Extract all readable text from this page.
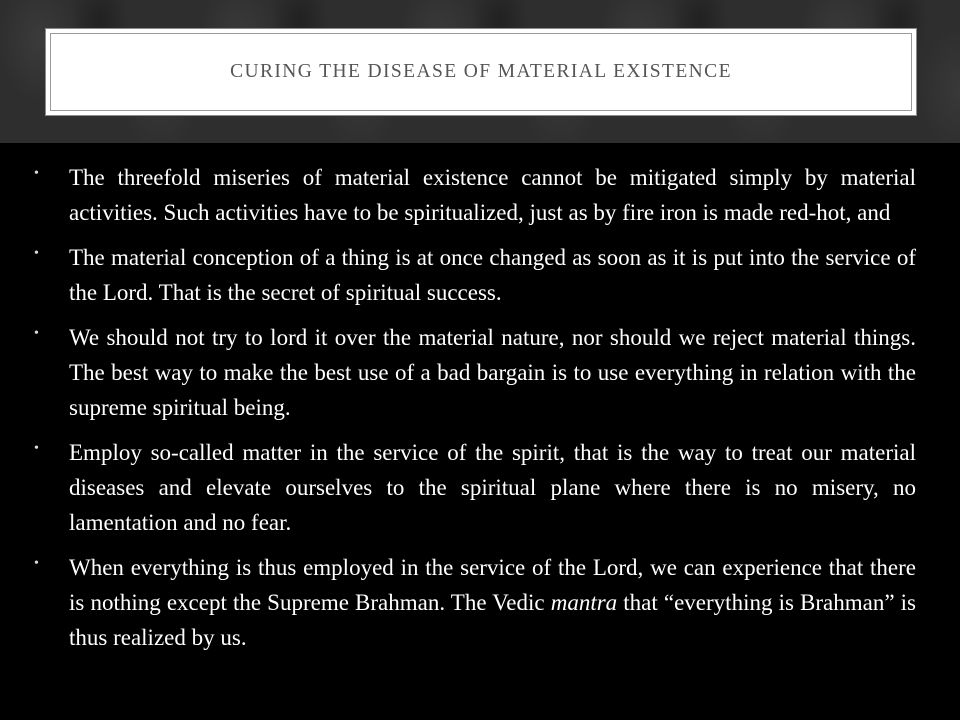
CURING THE DISEASE OF MATERIAL EXISTENCE
• The threefold miseries of material existence cannot be mitigated simply by material activities. Such activities have to be spiritualized, just as by fire iron is made red-hot, and
• The material conception of a thing is at once changed as soon as it is put into the service of the Lord. That is the secret of spiritual success.
• We should not try to lord it over the material nature, nor should we reject material things. The best way to make the best use of a bad bargain is to use everything in relation with the supreme spiritual being.
• Employ so-called matter in the service of the spirit, that is the way to treat our material diseases and elevate ourselves to the spiritual plane where there is no misery, no lamentation and no fear.
• When everything is thus employed in the service of the Lord, we can experience that there is nothing except the Supreme Brahman. The Vedic mantra that “everything is Brahman” is thus realized by us.
